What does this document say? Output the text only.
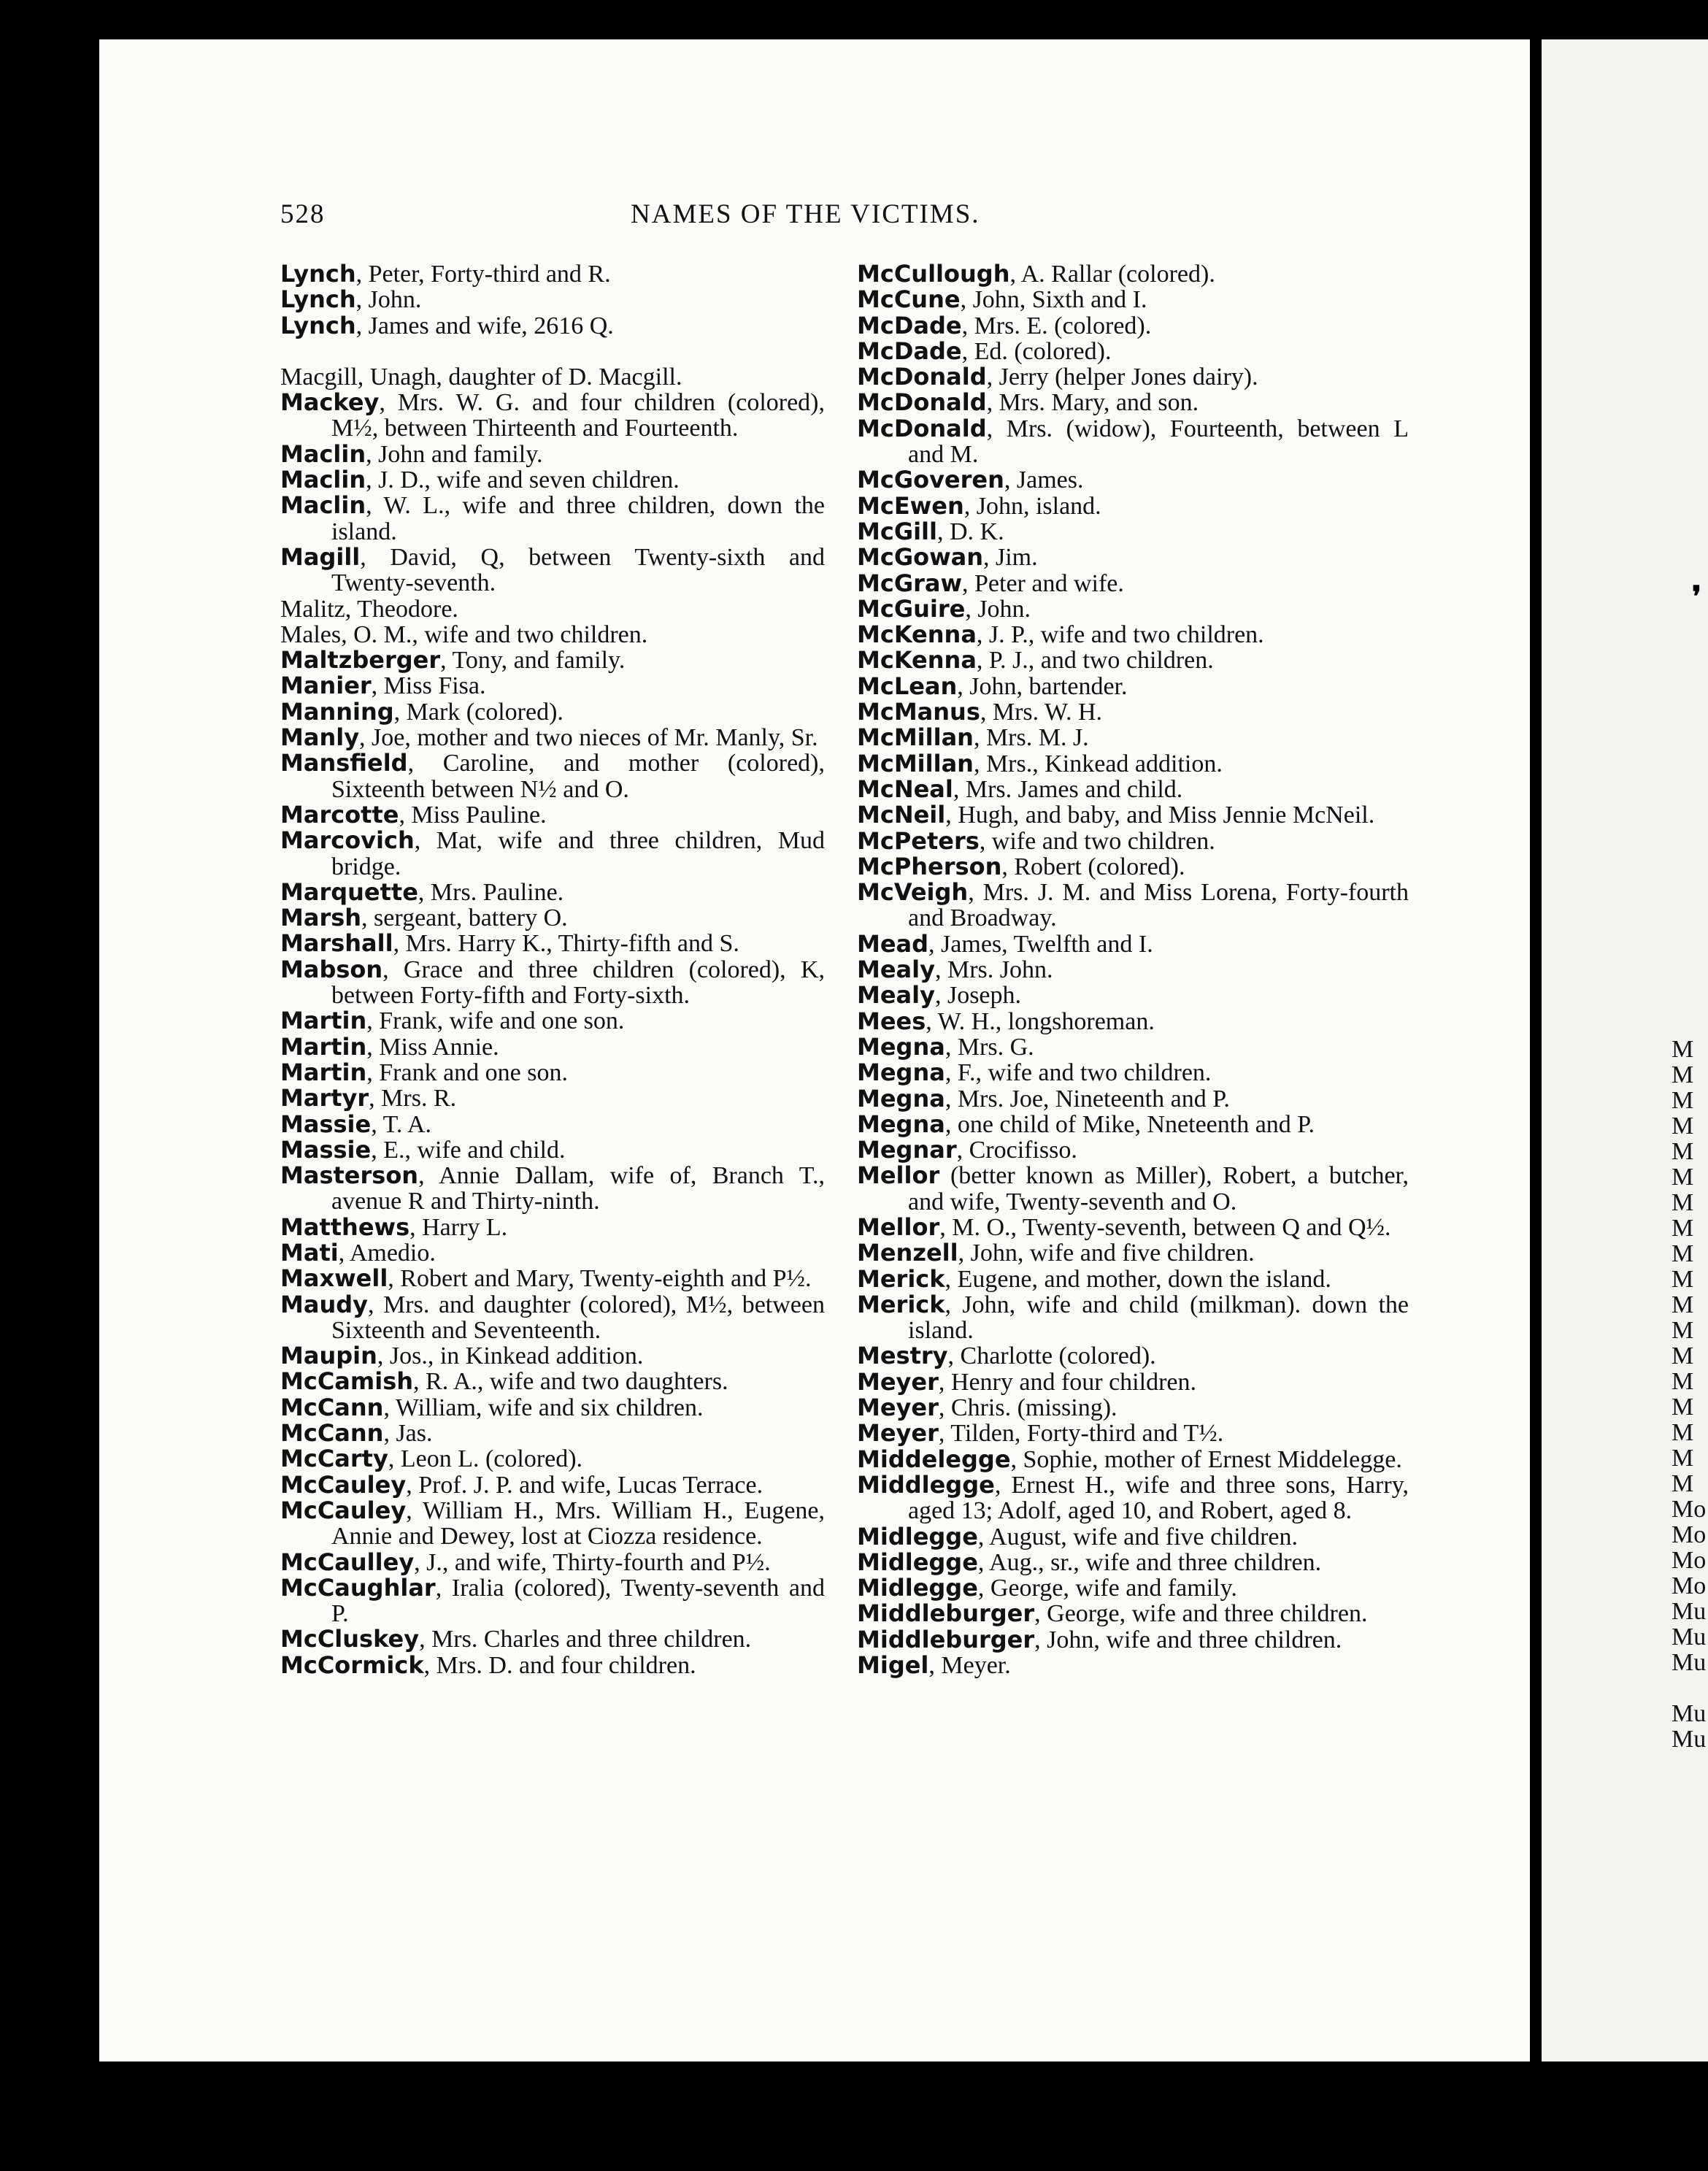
528	NAMES OF THE VICTIMS.
Lynch, Peter, Forty-third and R.
Lynch, John.
Lynch, James and wife, 2616 Q.
Macgill, Unagh, daughter of D. Macgill.
Mackey, Mrs. W. G. and four children (colored), M½, between Thirteenth and Fourteenth.
Maclin, John and family.
Maclin, J. D., wife and seven children.
Maclin, W. L., wife and three children, down the island.
Magill, David, Q, between Twenty-sixth and Twenty-seventh.
Malitz, Theodore.
Males, O. M., wife and two children.
Maltzberger, Tony, and family.
Manier, Miss Fisa.
Manning, Mark (colored).
Manly, Joe, mother and two nieces of Mr. Manly, Sr.
Mansfield, Caroline, and mother (colored), Sixteenth between N½ and O.
Marcotte, Miss Pauline.
Marcovich, Mat, wife and three children, Mud bridge.
Marquette, Mrs. Pauline.
Marsh, sergeant, battery O.
Marshall, Mrs. Harry K., Thirty-fifth and S.
Mabson, Grace and three children (colored), K, between Forty-fifth and Forty-sixth.
Martin, Frank, wife and one son.
Martin, Miss Annie.
Martin, Frank and one son.
Martyr, Mrs. R.
Massie, T. A.
Massie, E., wife and child.
Masterson, Annie Dallam, wife of, Branch T., avenue R and Thirty-ninth.
Matthews, Harry L.
Mati, Amedio.
Maxwell, Robert and Mary, Twenty-eighth and P½.
Maudy, Mrs. and daughter (colored), M½, between Sixteenth and Seventeenth.
Maupin, Jos., in Kinkead addition.
McCamish, R. A., wife and two daughters.
McCann, William, wife and six children.
McCann, Jas.
McCarty, Leon L. (colored).
McCauley, Prof. J. P. and wife, Lucas Terrace.
McCauley, William H., Mrs. William H., Eugene, Annie and Dewey, lost at Ciozza residence.
McCaulley, J., and wife, Thirty-fourth and P½.
McCaughlar, Iralia (colored), Twenty-seventh and P.
McCluskey, Mrs. Charles and three children.
McCormick, Mrs. D. and four children.
McCullough, A. Rallar (colored).
McCune, John, Sixth and I.
McDade, Mrs. E. (colored).
McDade, Ed. (colored).
McDonald, Jerry (helper Jones dairy).
McDonald, Mrs. Mary, and son.
McDonald, Mrs. (widow), Fourteenth, between L and M.
McGoveren, James.
McEwen, John, island.
McGill, D. K.
McGowan, Jim.
McGraw, Peter and wife.
McGuire, John.
McKenna, J. P., wife and two children.
McKenna, P. J., and two children.
McLean, John, bartender.
McManus, Mrs. W. H.
McMillan, Mrs. M. J.
McMillan, Mrs., Kinkead addition.
McNeal, Mrs. James and child.
McNeil, Hugh, and baby, and Miss Jennie McNeil.
McPeters, wife and two children.
McPherson, Robert (colored).
McVeigh, Mrs. J. M. and Miss Lorena, Forty-fourth and Broadway.
Mead, James, Twelfth and I.
Mealy, Mrs. John.
Mealy, Joseph.
Mees, W. H., longshoreman.
Megna, Mrs. G.
Megna, F., wife and two children.
Megna, Mrs. Joe, Nineteenth and P.
Megna, one child of Mike, Nneteenth and P.
Megnar, Crocifisso.
Mellor (better known as Miller), Robert, a butcher, and wife, Twenty-seventh and O.
Mellor, M. O., Twenty-seventh, between Q and Q½.
Menzell, John, wife and five children.
Merick, Eugene, and mother, down the island.
Merick, John, wife and child (milkman). down the island.
Mestry, Charlotte (colored).
Meyer, Henry and four children.
Meyer, Chris. (missing).
Meyer, Tilden, Forty-third and T½.
Middelegge, Sophie, mother of Ernest Middelegge.
Middlegge, Ernest H., wife and three sons, Harry, aged 13; Adolf, aged 10, and Robert, aged 8.
Midlegge, August, wife and five children.
Midlegge, Aug., sr., wife and three children.
Midlegge, George, wife and family.
Middleburger, George, wife and three children.
Middleburger, John, wife and three children.
Migel, Meyer.
❜
M
M
M
M
M
M
M
M
M
M
M
M
M
M
M
M
M
M
Mo
Mo
Mo
Mo
Mu
Mu
Mu
Mu
Mu
